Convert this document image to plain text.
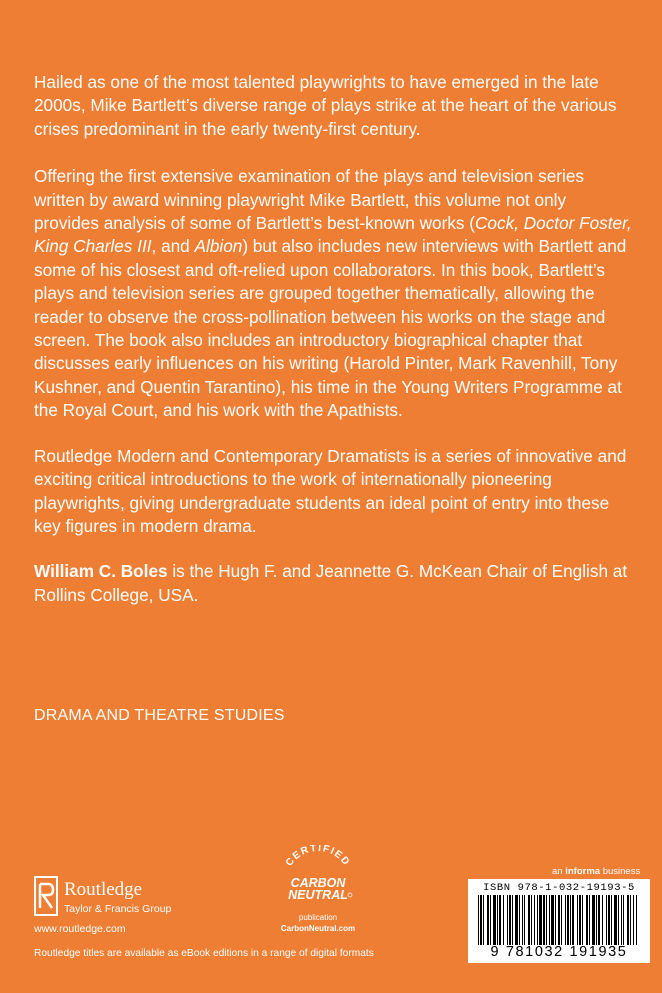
Hailed as one of the most talented playwrights to have emerged in the late 2000s, Mike Bartlett’s diverse range of plays strike at the heart of the various crises predominant in the early twenty-first century.

Offering the first extensive examination of the plays and television series written by award winning playwright Mike Bartlett, this volume not only provides analysis of some of Bartlett’s best-known works (Cock, Doctor Foster, King Charles III, and Albion) but also includes new interviews with Bartlett and some of his closest and oft-relied upon collaborators. In this book, Bartlett’s plays and television series are grouped together thematically, allowing the reader to observe the cross-pollination between his works on the stage and screen. The book also includes an introductory biographical chapter that discusses early influences on his writing (Harold Pinter, Mark Ravenhill, Tony Kushner, and Quentin Tarantino), his time in the Young Writers Programme at the Royal Court, and his work with the Apathists.

Routledge Modern and Contemporary Dramatists is a series of innovative and exciting critical introductions to the work of internationally pioneering playwrights, giving undergraduate students an ideal point of entry into these key figures in modern drama.

William C. Boles is the Hugh F. and Jeannette G. McKean Chair of English at Rollins College, USA.

DRAMA AND THEATRE STUDIES
Routledge
Taylor & Francis Group
www.routledge.com
CERTIFIED
CARBON
NEUTRAL
publication
CarbonNeutral.com
an informa business
ISBN 978-1-032-19193-5
9 781032 191935
Routledge titles are available as eBook editions in a range of digital formats
